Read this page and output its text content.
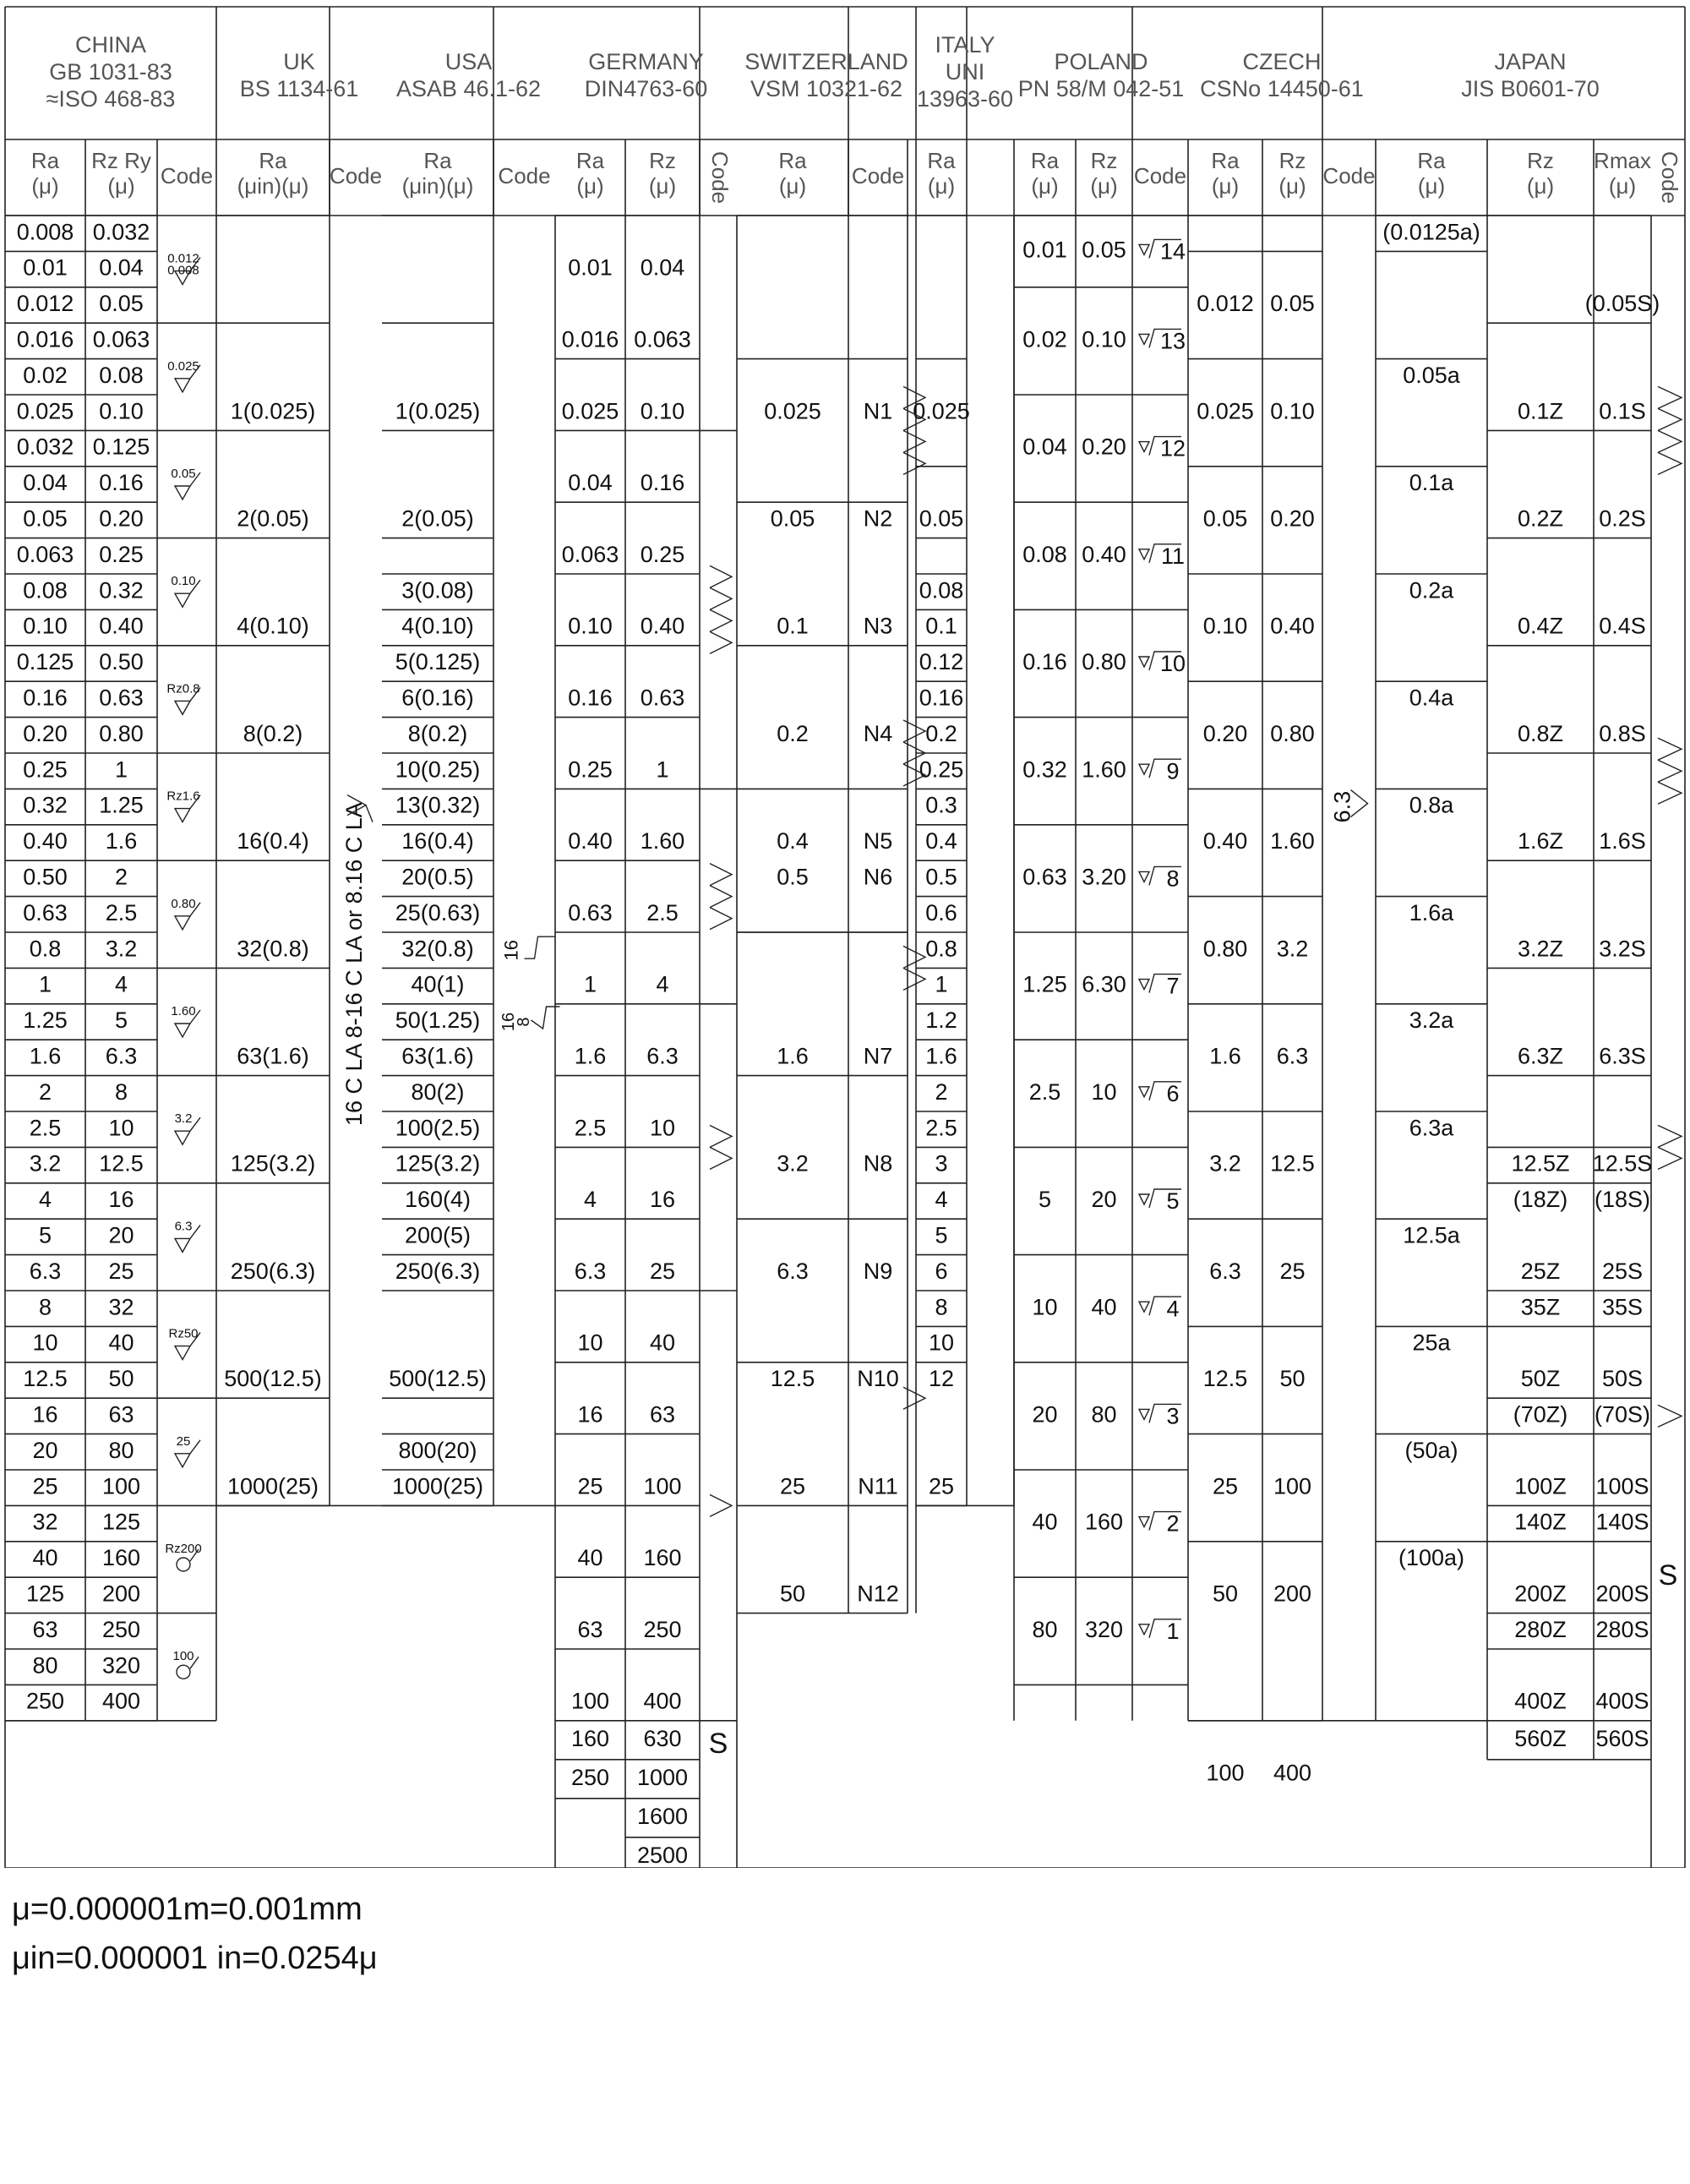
CHINA
GB 1031-83
≈ISO 468-83
UK
BS 1134-61
USA
ASAB 46.1-62
GERMANY
DIN4763-60
SWITZERLAND
VSM 10321-62
ITALY
UNI
13963-60
POLAND
PN 58/M 042-51
CZECH
CSNo 14450-61
JAPAN
JIS B0601-70
Ra
(μ)
Rz Ry
(μ) Code
Ra
(μin)(μ) Code
Ra
(μin)(μ) Code
Ra
(μ)
Rz
(μ) Code Ra
(μ) Code
Ra
(μ)
Ra
(μ)
Rz
(μ) Code
Ra
(μ)
Rz
(μ) Code
Ra
(μ)
Rz
(μ)
Rmax
(μ) Code
0.008
0.01
0.012
0.016
0.02
0.025
0.032
0.04
0.05
0.063
0.08
0.10
0.125
0.16
0.20
0.25
0.32
0.40
0.50
0.63
0.8
1
1.25
1.6
2
2.5
3.2
4
5
6.3
8
10
12.5
16
20
25
32
40
125
63
80
250
0.032
0.04
0.05
0.063
0.08
0.10
0.125
0.16
0.20
0.25
0.32
0.40
0.50
0.63
0.80
1
1.25
1.6
2
2.5
3.2
4
5
6.3
8
10
12.5
16
20
25
32
40
50
63
80
100
125
160
200
250
320
400
0.012
0.008
0.025
0.05
0.10
Rz0.8
Rz1.6
0.80
1.60
3.2
6.3
Rz50
25
Rz200
100
1(0.025)
2(0.05)
4(0.10)
8(0.2)
16(0.4)
32(0.8)
63(1.6)
125(3.2)
250(6.3)
500(12.5)
1000(25)
16 C LA 8-16 C LA or 8.16 C LA
1(0.025)
2(0.05)
3(0.08)
4(0.10)
5(0.125)
6(0.16)
8(0.2)
10(0.25)
13(0.32)
16(0.4)
20(0.5)
25(0.63)
32(0.8)
40(1)
50(1.25)
63(1.6)
80(2)
100(2.5)
125(3.2)
160(4)
200(5)
250(6.3)
500(12.5)
800(20)
1000(25)
16
16
8
0.01
0.016
0.025
0.04
0.063
0.10
0.16
0.25
0.40
0.63
1
1.6
2.5
4
6.3
10
16
25
40
63
100
160
250
0.04
0.063
0.10
0.16
0.25
0.40
0.63
1
1.60
2.5
4
6.3
10
16
25
40
63
100
160
250
400
630
1000
1600
2500
S
0.025
0.05
0.1
0.2
0.4
0.5
1.6
3.2
6.3
12.5
25
50
N1
N2
N3
N4
N5
N6
N7
N8
N9
N10
N11
N12
0.025
0.05
0.08
0.1
0.12
0.16
0.2
0.25
0.3
0.4
0.5
0.6
0.8
1
1.2
1.6
2
2.5
3
4
5
6
8
10
12
25
0.01 0.05 14
0.02 0.10 13
0.04 0.20 12
0.08 0.40 11
0.16 0.80 10
0.32 1.60 9
0.63 3.20 8
1.25 6.30 7
2.5 10 6
5 20 5
10 40 4
20 80 3
40 160 2
80 320 1
0.012 0.05
0.025 0.10
0.05 0.20
0.10 0.40
0.20 0.80
0.40 1.60
0.80 3.2
1.6 6.3
3.2 12.5
6.3 25
12.5 50
25 100
50 200
100 400
6.3
(0.0125a)
0.05a
0.1a
0.2a
0.4a
0.8a
1.6a
3.2a
6.3a
12.5a
25a
(50a)
(100a)
(0.05S)
0.1S
0.2S
0.4S
0.8S
1.6S
3.2S
6.3S
12.5S
(18S)
25S
35S
50S
(70S)
100S
140S
200S
280S
400S
560S
0.1Z
0.2Z
0.4Z
0.8Z
1.6Z
3.2Z
6.3Z
12.5Z
(18Z)
25Z
35Z
50Z
(70Z)
100Z
140Z
200Z
280Z
400Z
560Z
S
μ=0.000001m=0.001mm
μin=0.000001 in=0.0254μ
